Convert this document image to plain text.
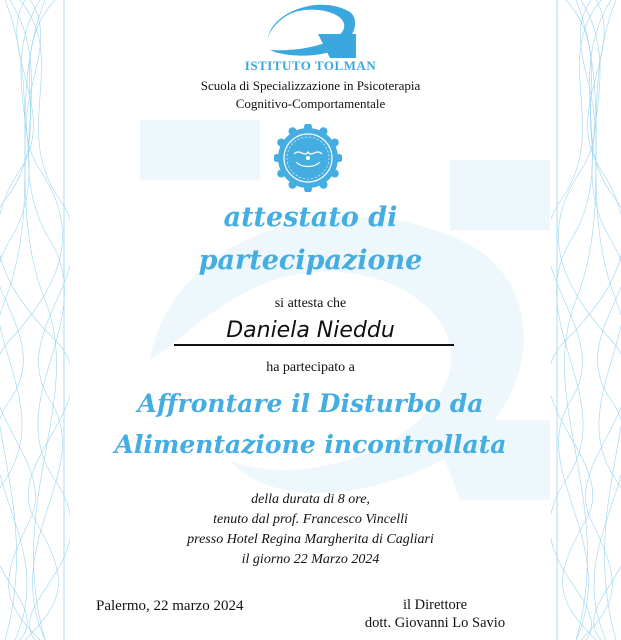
ISTITUTO TOLMAN
Scuola di Specializzazione in Psicoterapia
Cognitivo-Comportamentale
attestato di
partecipazione
si attesta che
Daniela Nieddu
ha partecipato a
Affrontare il Disturbo da
Alimentazione incontrollata
della durata di 8 ore,
tenuto dal prof. Francesco Vincelli
presso Hotel Regina Margherita di Cagliari
il giorno 22 Marzo 2024
Palermo, 22 marzo 2024	il Direttore
dott. Giovanni Lo Savio
